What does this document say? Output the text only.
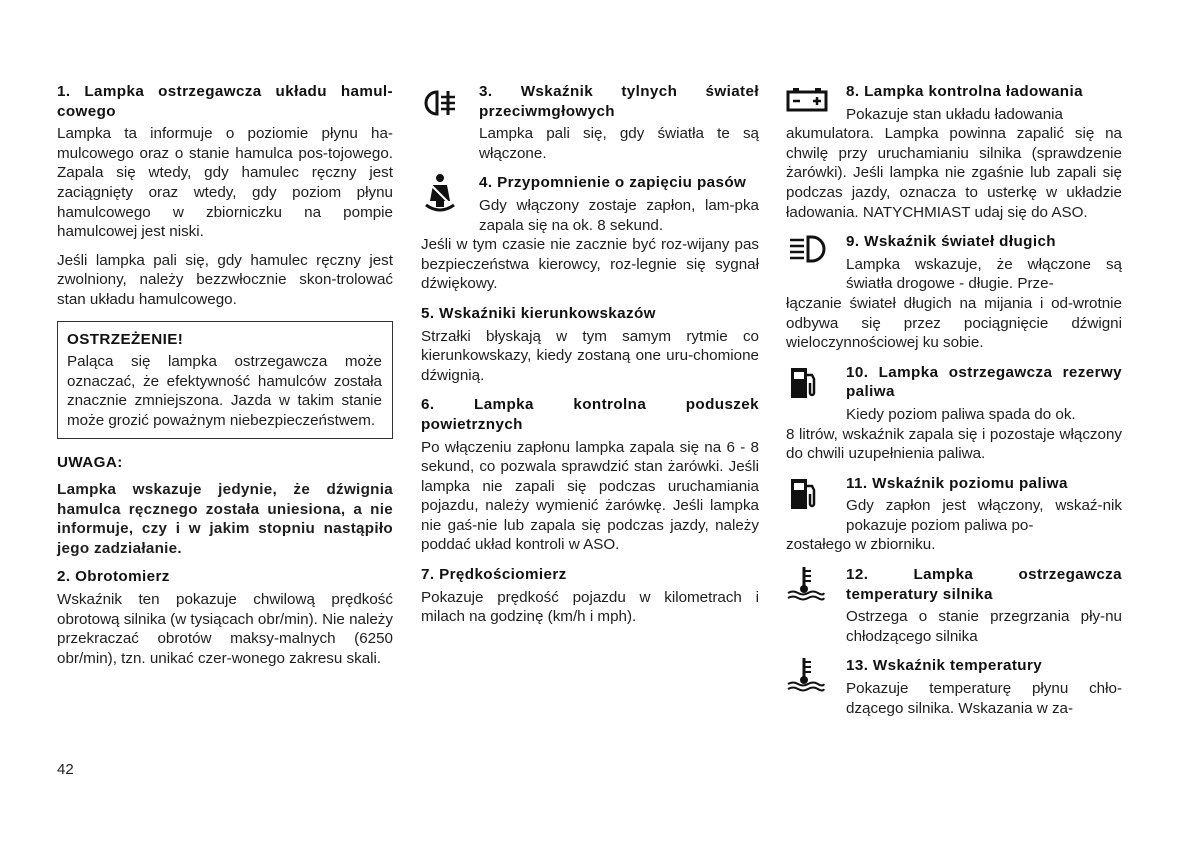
1. Lampka ostrzegawcza układu hamul-cowego

Lampka ta informuje o poziomie płynu ha-mulcowego oraz o stanie hamulca pos-tojowego. Zapala się wtedy, gdy hamulec ręczny jest zaciągnięty oraz wtedy, gdy poziom płynu hamulcowego w zbiorniczku na pompie hamulcowej jest niski.

Jeśli lampka pali się, gdy hamulec ręczny jest zwolniony, należy bezzwłocznie skon-trolować stan układu hamulcowego.

OSTRZEŻENIE!

Paląca się lampka ostrzegawcza może oznaczać, że efektywność hamulców została znacznie zmniejszona. Jazda w takim stanie może grozić poważnym niebezpieczeństwem.

UWAGA:

Lampka wskazuje jedynie, że dźwignia hamulca ręcznego została uniesiona, a nie informuje, czy i w jakim stopniu nastąpiło jego zadziałanie.

2. Obrotomierz

Wskaźnik ten pokazuje chwilową prędkość obrotową silnika (w tysiącach obr/min). Nie należy przekraczać obrotów maksy-malnych (6250 obr/min), tzn. unikać czer-wonego zakresu skali.

3. Wskaźnik tylnych świateł przeciwmgłowych

Lampka pali się, gdy światła te są włączone.

4. Przypomnienie o zapięciu pasów

Gdy włączony zostaje zapłon, lam-pka zapala się na ok. 8 sekund.

Jeśli w tym czasie nie zacznie być roz-wijany pas bezpieczeństwa kierowcy, roz-legnie się sygnał dźwiękowy.

5. Wskaźniki kierunkowskazów

Strzałki błyskają w tym samym rytmie co kierunkowskazy, kiedy zostaną one uru-chomione dźwignią.

6. Lampka kontrolna poduszek powietrznych

Po włączeniu zapłonu lampka zapala się na 6 - 8 sekund, co pozwala sprawdzić stan żarówki. Jeśli lampka nie zapali się podczas uruchamiania pojazdu, należy wymienić żarówkę. Jeśli lampka nie gaś-nie lub zapala się podczas jazdy, należy poddać układ kontroli w ASO.

7. Prędkościomierz

Pokazuje prędkość pojazdu w kilometrach i milach na godzinę (km/h i mph).

8. Lampka kontrolna ładowania

Pokazuje stan układu ładowania

akumulatora. Lampka powinna zapalić się na chwilę przy uruchamianiu silnika (sprawdzenie żarówki). Jeśli lampka nie zgaśnie lub zapali się podczas jazdy, oznacza to usterkę w układzie ładowania. NATYCHMIAST udaj się do ASO.

9. Wskaźnik świateł długich

Lampka wskazuje, że włączone są światła drogowe - długie. Prze-

łączanie świateł długich na mijania i od-wrotnie odbywa się przez pociągnięcie dźwigni wieloczynnościowej ku sobie.

10. Lampka ostrzegawcza rezerwy paliwa

Kiedy poziom paliwa spada do ok.

8 litrów, wskaźnik zapala się i pozostaje włączony do chwili uzupełnienia paliwa.

11. Wskaźnik poziomu paliwa

Gdy zapłon jest włączony, wskaź-nik pokazuje poziom paliwa po-

zostałego w zbiorniku.

12. Lampka ostrzegawcza temperatury silnika

Ostrzega o stanie przegrzania pły-nu chłodzącego silnika

13. Wskaźnik temperatury

Pokazuje temperaturę płynu chło-dzącego silnika. Wskazania w za-

42
